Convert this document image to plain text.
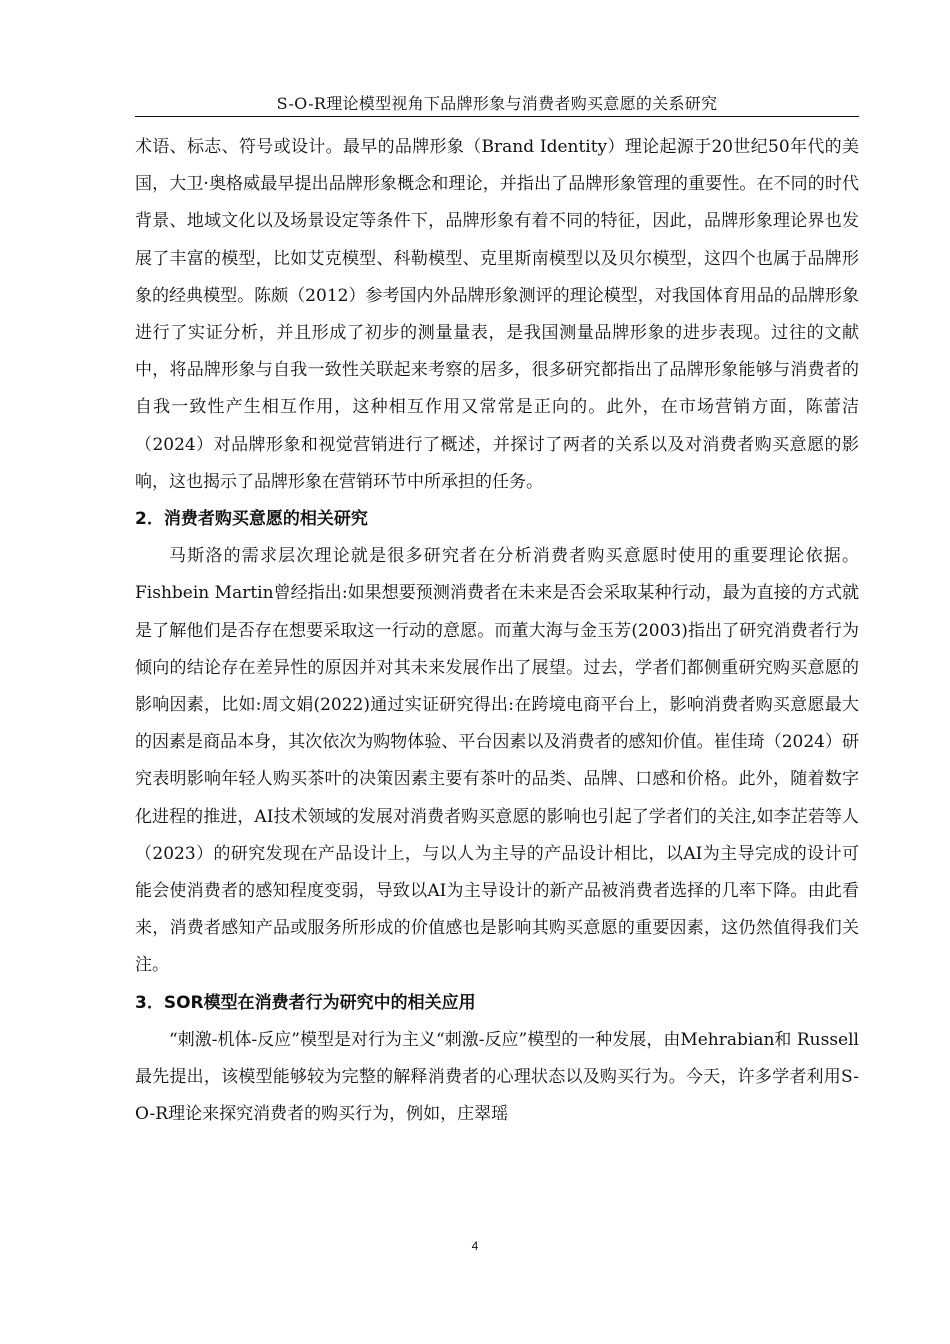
S-O-R理论模型视角下品牌形象与消费者购买意愿的关系研究

术语、标志、符号或设计。最早的品牌形象（Brand Identity）理论起源于20世纪50年代的美国，大卫·奥格威最早提出品牌形象概念和理论，并指出了品牌形象管理的重要性。在不同的时代背景、地域文化以及场景设定等条件下，品牌形象有着不同的特征，因此，品牌形象理论界也发展了丰富的模型，比如艾克模型、科勒模型、克里斯南模型以及贝尔模型，这四个也属于品牌形象的经典模型。陈颇（2012）参考国内外品牌形象测评的理论模型，对我国体育用品的品牌形象进行了实证分析，并且形成了初步的测量量表，是我国测量品牌形象的进步表现。过往的文献中，将品牌形象与自我一致性关联起来考察的居多，很多研究都指出了品牌形象能够与消费者的自我一致性产生相互作用，这种相互作用又常常是正向的。此外，在市场营销方面，陈蕾洁（2024）对品牌形象和视觉营销进行了概述，并探讨了两者的关系以及对消费者购买意愿的影响，这也揭示了品牌形象在营销环节中所承担的任务。

2．消费者购买意愿的相关研究

马斯洛的需求层次理论就是很多研究者在分析消费者购买意愿时使用的重要理论依据。Fishbein Martin曾经指出:如果想要预测消费者在未来是否会采取某种行动，最为直接的方式就是了解他们是否存在想要采取这一行动的意愿。而董大海与金玉芳(2003)指出了研究消费者行为倾向的结论存在差异性的原因并对其未来发展作出了展望。过去，学者们都侧重研究购买意愿的影响因素，比如:周文娟(2022)通过实证研究得出:在跨境电商平台上，影响消费者购买意愿最大的因素是商品本身，其次依次为购物体验、平台因素以及消费者的感知价值。崔佳琦（2024）研究表明影响年轻人购买茶叶的决策因素主要有茶叶的品类、品牌、口感和价格。此外，随着数字化进程的推进，AI技术领域的发展对消费者购买意愿的影响也引起了学者们的关注,如李芷菪等人（2023）的研究发现在产品设计上，与以人为主导的产品设计相比，以AI为主导完成的设计可能会使消费者的感知程度变弱，导致以AI为主导设计的新产品被消费者选择的几率下降。由此看来，消费者感知产品或服务所形成的价值感也是影响其购买意愿的重要因素，这仍然值得我们关注。

3．SOR模型在消费者行为研究中的相关应用

“刺激-机体-反应”模型是对行为主义“刺激-反应”模型的一种发展，由Mehrabian和 Russell最先提出，该模型能够较为完整的解释消费者的心理状态以及购买行为。今天，许多学者利用S-O-R理论来探究消费者的购买行为，例如，庄翠瑶

4
